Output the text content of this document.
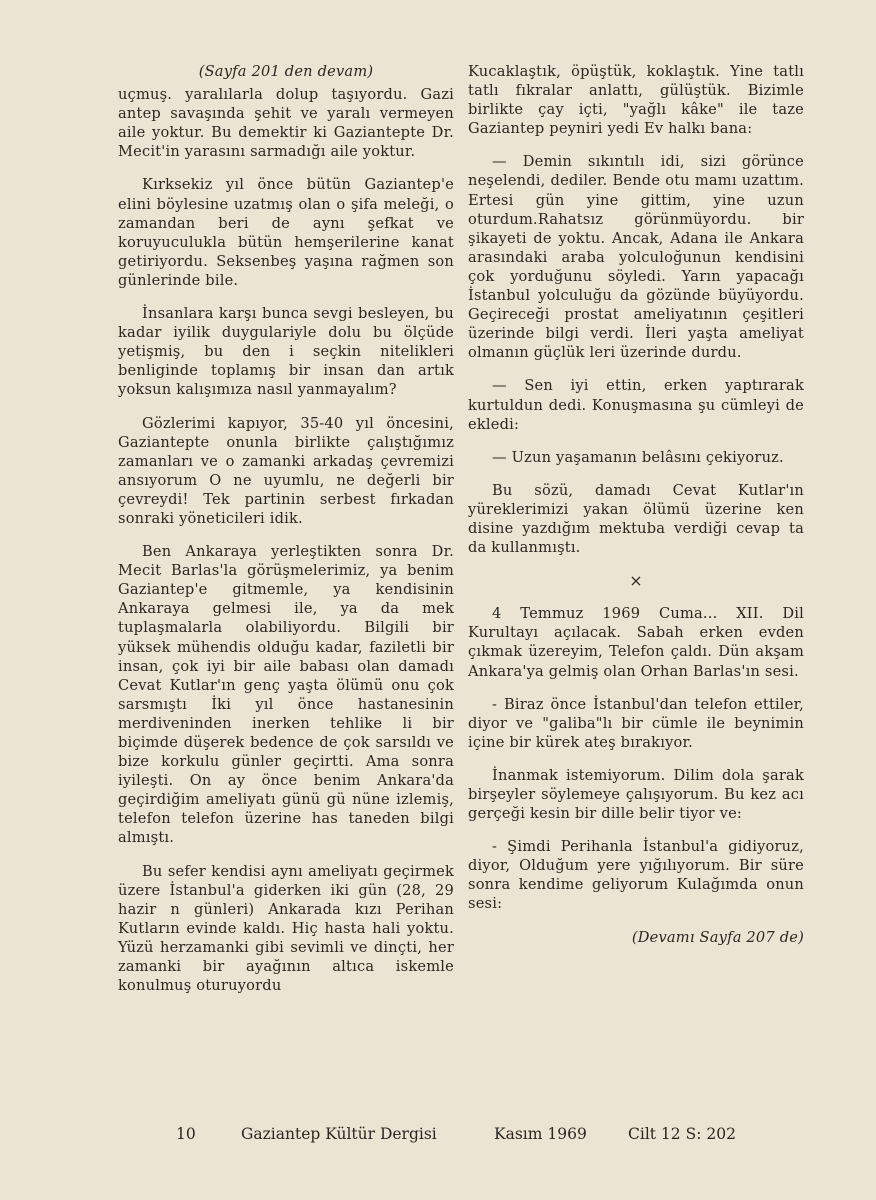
(Sayfa 201 den devam)

uçmuş. yaralılarla dolup taşıyordu. Gazi antep savaşında şehit ve yaralı vermeyen aile yoktur. Bu demektir ki Gaziantepte Dr. Mecit'in yarasını sarmadığı aile yoktur.

Kırksekiz yıl önce bütün Gaziantep'e elini böylesine uzatmış olan o şifa meleği, o zamandan beri de aynı şefkat ve koruyuculukla bütün hemşerilerine kanat getiriyordu. Seksenbeş yaşına rağmen son günlerinde bile.

İnsanlara karşı bunca sevgi besleyen, bu kadar iyilik duygulariyle dolu bu ölçüde yetişmiş, bu den i seçkin nitelikleri benliginde toplamış bir insan dan artık yoksun kalışımıza nasıl yanmayalım?

Gözlerimi kapıyor, 35-40 yıl öncesini, Gaziantepte onunla birlikte çalıştığımız zamanları ve o zamanki arkadaş çevremizi ansıyorum O ne uyumlu, ne değerli bir çevreydi! Tek partinin serbest fırkadan sonraki yöneticileri idik.

Ben Ankaraya yerleştikten sonra Dr. Mecit Barlas'la görüşmelerimiz, ya benim Gaziantep'e gitmemle, ya kendisinin Ankaraya gelmesi ile, ya da mek tuplaşmalarla olabiliyordu. Bilgili bir yüksek mühendis olduğu kadar, faziletli bir insan, çok iyi bir aile babası olan damadı Cevat Kutlar'ın genç yaşta ölümü onu çok sarsmıştı İki yıl önce hastanesinin merdiveninden inerken tehlike li bir biçimde düşerek bedence de çok sarsıldı ve bize korkulu günler geçirtti. Ama sonra iyileşti. On ay önce benim Ankara'da geçirdiğim ameliyatı günü gü nüne izlemiş, telefon telefon üzerine has taneden bilgi almıştı.

Bu sefer kendisi aynı ameliyatı geçirmek üzere İstanbul'a giderken iki gün (28, 29 hazir n günleri) Ankarada kızı Perihan Kutların evinde kaldı. Hiç hasta hali yoktu. Yüzü herzamanki gibi sevimli ve dinçti, her zamanki bir ayağının altıca iskemle konulmuş oturuyordu

Kucaklaştık, öpüştük, koklaştık. Yine tatlı tatlı fıkralar anlattı, gülüştük. Bizimle birlikte çay içti, "yağlı kâke" ile taze Gaziantep peyniri yedi Ev halkı bana:

— Demin sıkıntılı idi, sizi görünce neşelendi, dediler. Bende otu mamı uzattım. Ertesi gün yine gittim, yine uzun oturdum.Rahatsız görünmüyordu. bir şikayeti de yoktu. Ancak, Adana ile Ankara arasındaki araba yolculoğunun kendisini çok yorduğunu söyledi. Yarın yapacağı İstanbul yolculuğu da gözünde büyüyordu. Geçireceği prostat ameliyatının çeşitleri üzerinde bilgi verdi. İleri yaşta ameliyat olmanın güçlük leri üzerinde durdu.

— Sen iyi ettin, erken yaptırarak kurtuldun dedi. Konuşmasına şu cümleyi de ekledi:

— Uzun yaşamanın belâsını çekiyoruz.

Bu sözü, damadı Cevat Kutlar'ın yüreklerimizi yakan ölümü üzerine ken disine yazdığım mektuba verdiği cevap ta da kullanmıştı.

×

4 Temmuz 1969 Cuma... XII. Dil Kurultayı açılacak. Sabah erken evden çıkmak üzereyim, Telefon çaldı. Dün akşam Ankara'ya gelmiş olan Orhan Barlas'ın sesi.

- Biraz önce İstanbul'dan telefon ettiler, diyor ve "galiba"lı bir cümle ile beynimin içine bir kürek ateş bırakıyor.

İnanmak istemiyorum. Dilim dola şarak birşeyler söylemeye çalışıyorum. Bu kez acı gerçeği kesin bir dille belir tiyor ve:

- Şimdi Perihanla İstanbul'a gidiyoruz, diyor, Olduğum yere yığılıyorum. Bir süre sonra kendime geliyorum Kulağımda onun sesi:

(Devamı Sayfa 207 de)

10	Gaziantep Kültür Dergisi	Kasım 1969	Cilt 12 S: 202
